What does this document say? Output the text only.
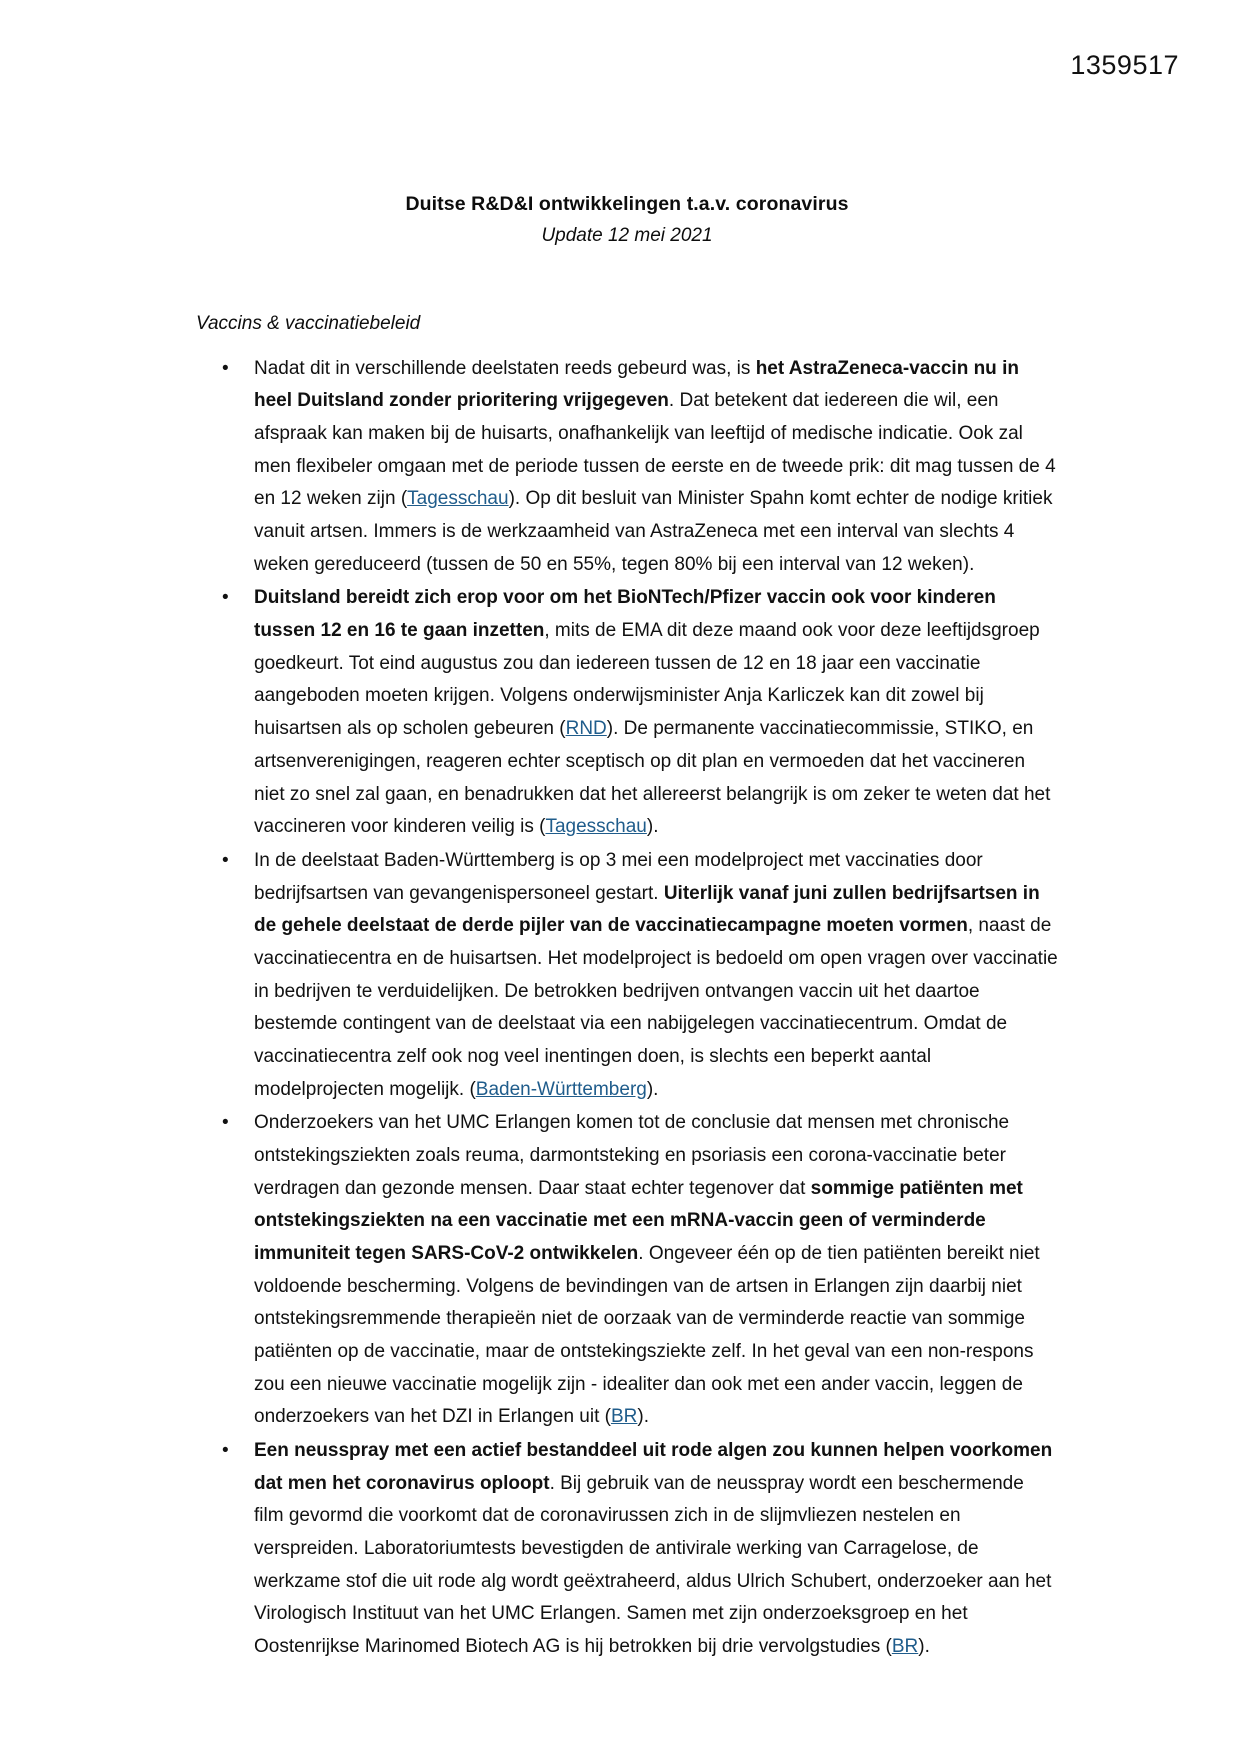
1359517
Duitse R&D&I ontwikkelingen t.a.v. coronavirus
Update 12 mei 2021
Vaccins & vaccinatiebeleid
• Nadat dit in verschillende deelstaten reeds gebeurd was, is het AstraZeneca-vaccin nu in heel Duitsland zonder prioritering vrijgegeven. Dat betekent dat iedereen die wil, een afspraak kan maken bij de huisarts, onafhankelijk van leeftijd of medische indicatie. Ook zal men flexibeler omgaan met de periode tussen de eerste en de tweede prik: dit mag tussen de 4 en 12 weken zijn (Tagesschau). Op dit besluit van Minister Spahn komt echter de nodige kritiek vanuit artsen. Immers is de werkzaamheid van AstraZeneca met een interval van slechts 4 weken gereduceerd (tussen de 50 en 55%, tegen 80% bij een interval van 12 weken).
• Duitsland bereidt zich erop voor om het BioNTech/Pfizer vaccin ook voor kinderen tussen 12 en 16 te gaan inzetten, mits de EMA dit deze maand ook voor deze leeftijdsgroep goedkeurt. Tot eind augustus zou dan iedereen tussen de 12 en 18 jaar een vaccinatie aangeboden moeten krijgen. Volgens onderwijsminister Anja Karliczek kan dit zowel bij huisartsen als op scholen gebeuren (RND). De permanente vaccinatiecommissie, STIKO, en artsenverenigingen, reageren echter sceptisch op dit plan en vermoeden dat het vaccineren niet zo snel zal gaan, en benadrukken dat het allereerst belangrijk is om zeker te weten dat het vaccineren voor kinderen veilig is (Tagesschau).
• In de deelstaat Baden-Württemberg is op 3 mei een modelproject met vaccinaties door bedrijfsartsen van gevangenispersoneel gestart. Uiterlijk vanaf juni zullen bedrijfsartsen in de gehele deelstaat de derde pijler van de vaccinatiecampagne moeten vormen, naast de vaccinatiecentra en de huisartsen. Het modelproject is bedoeld om open vragen over vaccinatie in bedrijven te verduidelijken. De betrokken bedrijven ontvangen vaccin uit het daartoe bestemde contingent van de deelstaat via een nabijgelegen vaccinatiecentrum. Omdat de vaccinatiecentra zelf ook nog veel inentingen doen, is slechts een beperkt aantal modelprojecten mogelijk. (Baden-Württemberg).
• Onderzoekers van het UMC Erlangen komen tot de conclusie dat mensen met chronische ontstekingsziekten zoals reuma, darmontsteking en psoriasis een corona-vaccinatie beter verdragen dan gezonde mensen. Daar staat echter tegenover dat sommige patiënten met ontstekingsziekten na een vaccinatie met een mRNA-vaccin geen of verminderde immuniteit tegen SARS-CoV-2 ontwikkelen. Ongeveer één op de tien patiënten bereikt niet voldoende bescherming. Volgens de bevindingen van de artsen in Erlangen zijn daarbij niet ontstekingsremmende therapieën niet de oorzaak van de verminderde reactie van sommige patiënten op de vaccinatie, maar de ontstekingsziekte zelf. In het geval van een non-respons zou een nieuwe vaccinatie mogelijk zijn - idealiter dan ook met een ander vaccin, leggen de onderzoekers van het DZI in Erlangen uit (BR).
• Een neusspray met een actief bestanddeel uit rode algen zou kunnen helpen voorkomen dat men het coronavirus oploopt. Bij gebruik van de neusspray wordt een beschermende film gevormd die voorkomt dat de coronavirussen zich in de slijmvliezen nestelen en verspreiden. Laboratoriumtests bevestigden de antivirale werking van Carragelose, de werkzame stof die uit rode alg wordt geëxtraheerd, aldus Ulrich Schubert, onderzoeker aan het Virologisch Instituut van het UMC Erlangen. Samen met zijn onderzoeksgroep en het Oostenrijkse Marinomed Biotech AG is hij betrokken bij drie vervolgstudies (BR).
